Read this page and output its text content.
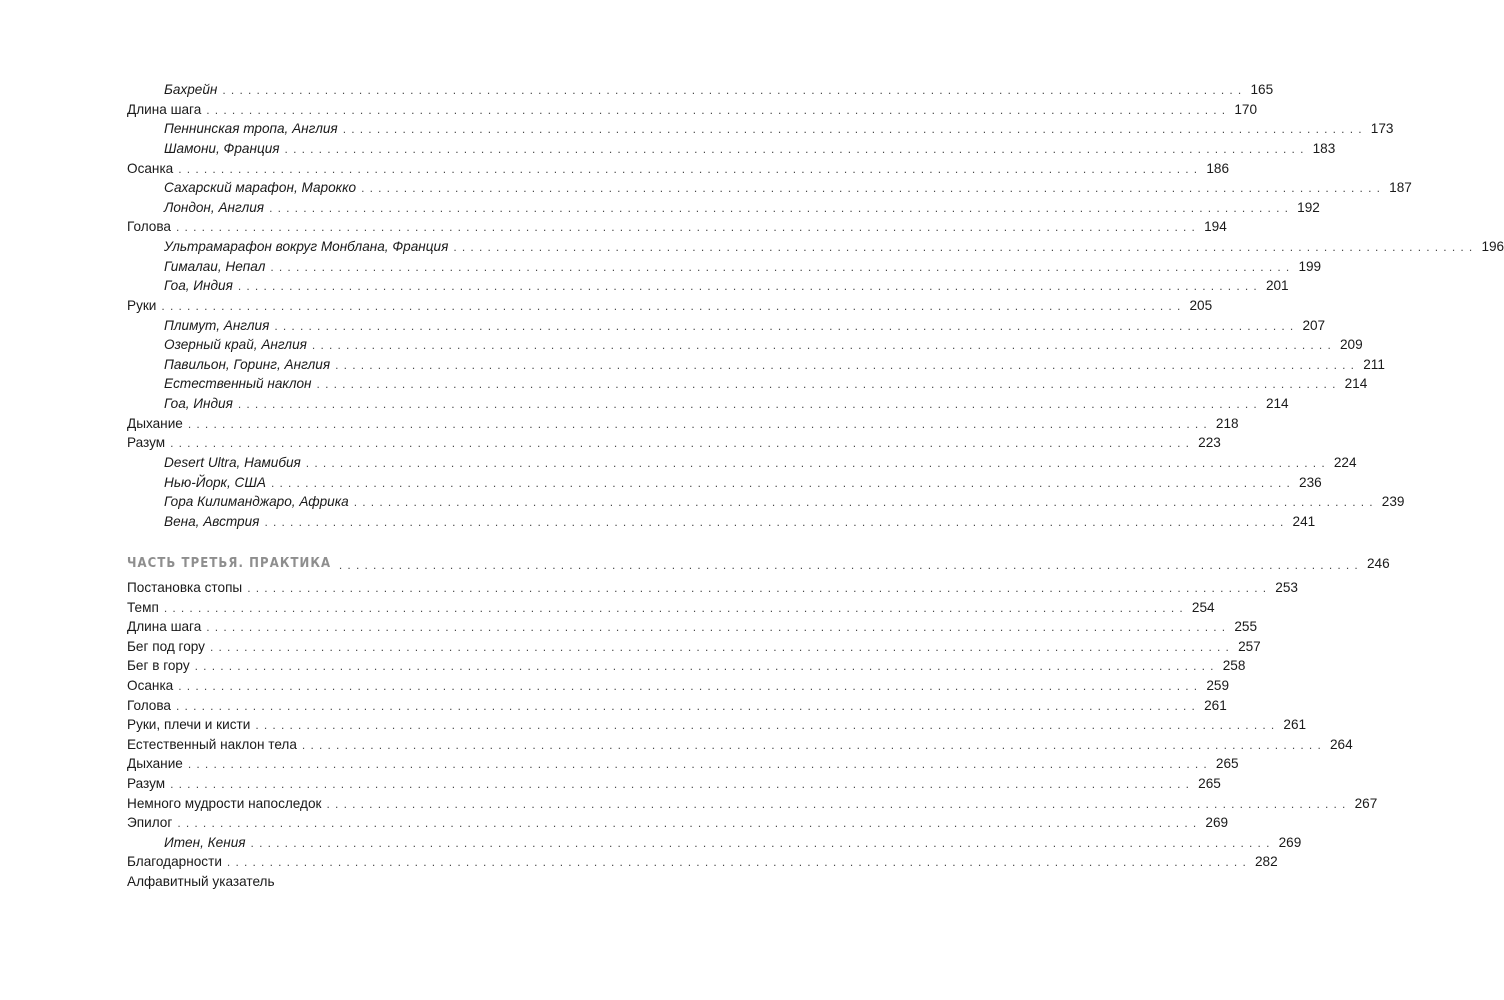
ЧАСТЬ ТРЕТЬЯ. ПРАКТИКА ........................................................................................................................ 246
Бахрейн ........................................................................................................................ 165
Длина шага ........................................................................................................................ 170
Пеннинская тропа, Англия ........................................................................................................................ 173
Шамони, Франция ........................................................................................................................ 183
Осанка ........................................................................................................................ 186
Сахарский марафон, Марокко ........................................................................................................................ 187
Лондон, Англия ........................................................................................................................ 192
Голова ........................................................................................................................ 194
Ультрамарафон вокруг Монблана, Франция ........................................................................................................................ 196
Гималаи, Непал ........................................................................................................................ 199
Гоа, Индия ........................................................................................................................ 201
Руки ........................................................................................................................ 205
Плимут, Англия ........................................................................................................................ 207
Озерный край, Англия ........................................................................................................................ 209
Павильон, Горинг, Англия ........................................................................................................................ 211
Естественный наклон ........................................................................................................................ 214
Гоа, Индия ........................................................................................................................ 214
Дыхание ........................................................................................................................ 218
Разум ........................................................................................................................ 223
Desert Ultra, Намибия ........................................................................................................................ 224
Нью-Йорк, США ........................................................................................................................ 236
Гора Килиманджаро, Африка ........................................................................................................................ 239
Вена, Австрия ........................................................................................................................ 241
Постановка стопы ........................................................................................................................ 253
Темп ........................................................................................................................ 254
Длина шага ........................................................................................................................ 255
Бег под гору ........................................................................................................................ 257
Бег в гору ........................................................................................................................ 258
Осанка ........................................................................................................................ 259
Голова ........................................................................................................................ 261
Руки, плечи и кисти ........................................................................................................................ 261
Естественный наклон тела ........................................................................................................................ 264
Дыхание ........................................................................................................................ 265
Разум ........................................................................................................................ 265
Немного мудрости напоследок ........................................................................................................................ 267
Эпилог ........................................................................................................................ 269
Итен, Кения ........................................................................................................................ 269
Благодарности ........................................................................................................................ 282
Алфавитный указатель
